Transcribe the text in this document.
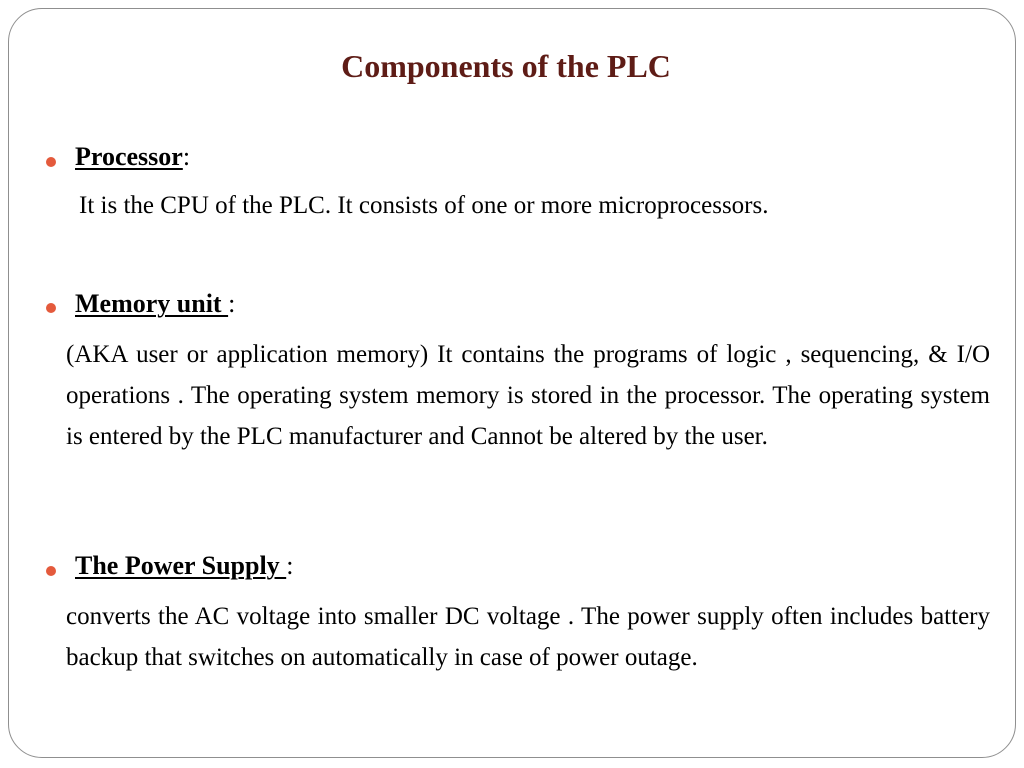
Components of the PLC
Processor:

It is the CPU of the PLC. It consists of one or more microprocessors.

Memory unit :

(AKA user or application memory) It contains the programs of logic , sequencing, & I/O operations . The operating system memory is stored in the processor. The operating system is entered by the PLC manufacturer and Cannot be altered by the user.

The Power Supply :

converts the AC voltage into smaller DC voltage . The power supply often includes battery backup that switches on automatically in case of power outage.
